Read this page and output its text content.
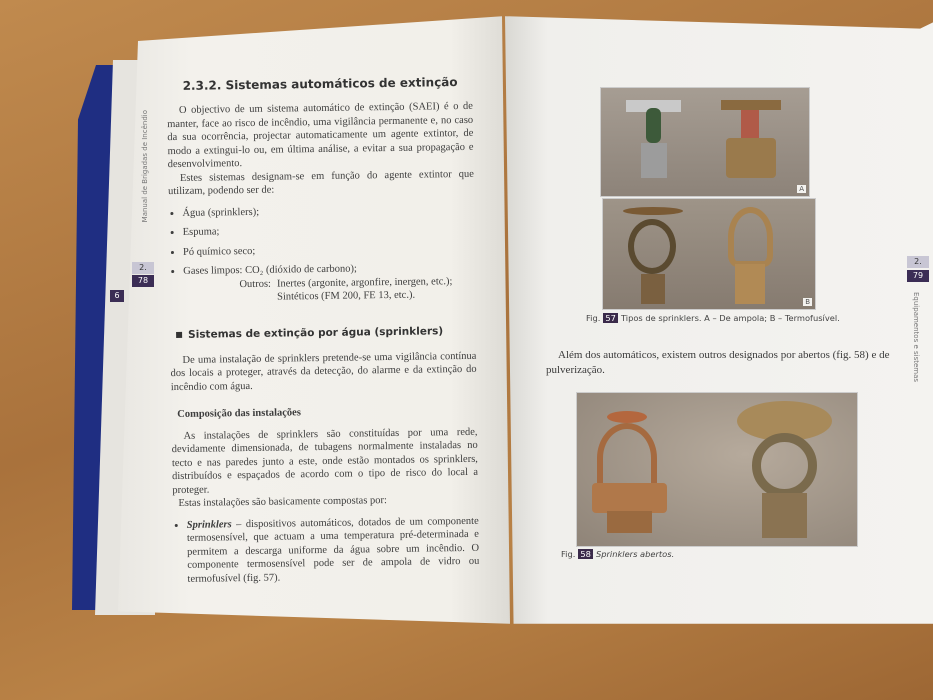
Manual de Brigadas de Incêndio
2.
78
6
2.3.2. Sistemas automáticos de extinção

O objectivo de um sistema automático de extinção (SAEI) é o de manter, face ao risco de incêndio, uma vigilância permanente e, no caso da sua ocorrência, projectar automaticamente um agente extintor, de modo a extingui-lo ou, em última análise, a evitar a sua propagação e desenvolvimento.

Estes sistemas designam-se em função do agente extintor que utilizam, podendo ser de:

• Água (sprinklers);
• Espuma;
• Pó químico seco;
• Gases limpos: CO₂ (dióxido de carbono);
Outros: Inertes (argonite, argonfire, inergen, etc.);
Sintéticos (FM 200, FE 13, etc.).
Sistemas de extinção por água (sprinklers)

De uma instalação de sprinklers pretende-se uma vigilância contínua dos locais a proteger, através da detecção, do alarme e da extinção do incêndio com água.

Composição das instalações

As instalações de sprinklers são constituídas por uma rede, devidamente dimensionada, de tubagens normalmente instaladas no tecto e nas paredes junto a este, onde estão montados os sprinklers, distribuídos e espaçados de acordo com o tipo de risco do local a proteger.

Estas instalações são basicamente compostas por:

• Sprinklers – dispositivos automáticos, dotados de um componente termosensível, que actuam a uma temperatura pré-determinada e permitem a descarga uniforme da água sobre um incêndio. O componente termosensível pode ser de ampola de vidro ou termofusível (fig. 57).
A
B
Fig. 57 Tipos de sprinklers. A – De ampola; B – Termofusível.
2.
79
Equipamentos e sistemas
Além dos automáticos, existem outros designados por abertos (fig. 58) e de pulverização.
Fig. 58 Sprinklers abertos.
